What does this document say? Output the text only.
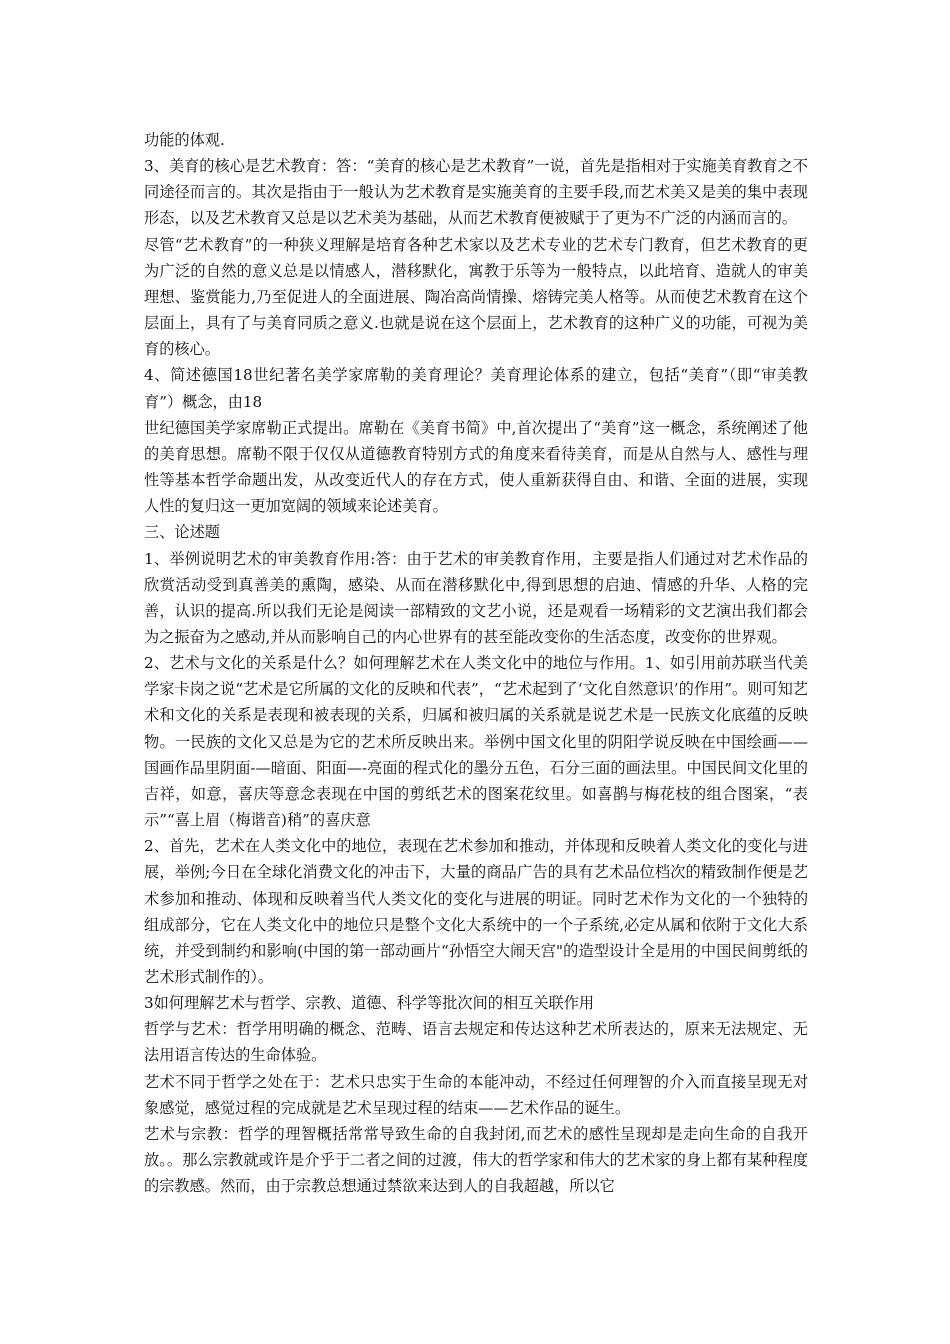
功能的体观.

3、美育的核心是艺术教育：答：“美育的核心是艺术教育”一说，首先是指相对于实施美育教育之不同途径而言的。其次是指由于一般认为艺术教育是实施美育的主要手段,而艺术美又是美的集中表现形态，以及艺术教育又总是以艺术美为基础，从而艺术教育便被赋于了更为不广泛的内涵而言的。

尽管“艺术教育”的一种狭义理解是培育各种艺术家以及艺术专业的艺术专门教育，但艺术教育的更为广泛的自然的意义总是以情感人，潜移默化，寓教于乐等为一般特点，以此培育、造就人的审美理想、鉴赏能力,乃至促进人的全面进展、陶冶高尚情操、熔铸完美人格等。从而使艺术教育在这个层面上，具有了与美育同质之意义.也就是说在这个层面上，艺术教育的这种广义的功能，可视为美育的核心。

4、简述德国18世纪著名美学家席勒的美育理论？美育理论体系的建立，包括“美育”（即“审美教育”）概念，由18

世纪德国美学家席勒正式提出。席勒在《美育书简》中,首次提出了“美育”这一概念，系统阐述了他的美育思想。席勒不限于仅仅从道德教育特别方式的角度来看待美育，而是从自然与人、感性与理性等基本哲学命题出发，从改变近代人的存在方式，使人重新获得自由、和谐、全面的进展，实现人性的复归这一更加宽阔的领域来论述美育。

三、论述题

1、举例说明艺术的审美教育作用:答：由于艺术的审美教育作用，主要是指人们通过对艺术作品的欣赏活动受到真善美的熏陶，感染、从而在潜移默化中,得到思想的启迪、情感的升华、人格的完善，认识的提高.所以我们无论是阅读一部精致的文艺小说，还是观看一场精彩的文艺演出我们都会为之振奋为之感动,并从而影响自己的内心世界有的甚至能改变你的生活态度，改变你的世界观。

2、艺术与文化的关系是什么？如何理解艺术在人类文化中的地位与作用。1、如引用前苏联当代美学家卡岗之说“艺术是它所属的文化的反映和代表”，“艺术起到了‘文化自然意识’的作用”。则可知艺术和文化的关系是表现和被表现的关系，归属和被归属的关系就是说艺术是一民族文化底蕴的反映物。一民族的文化又总是为它的艺术所反映出来。举例中国文化里的阴阳学说反映在中国绘画——国画作品里阴面-—暗面、阳面—-亮面的程式化的墨分五色，石分三面的画法里。中国民间文化里的吉祥，如意，喜庆等意念表现在中国的剪纸艺术的图案花纹里。如喜鹊与梅花枝的组合图案，“表示”“喜上眉（梅谐音)稍”的喜庆意

2、首先，艺术在人类文化中的地位，表现在艺术参加和推动，并体现和反映着人类文化的变化与进展，举例;今日在全球化消费文化的冲击下，大量的商品广告的具有艺术品位档次的精致制作便是艺术参加和推动、体现和反映着当代人类文化的变化与进展的明证。同时艺术作为文化的一个独特的组成部分，它在人类文化中的地位只是整个文化大系统中的一个子系统,必定从属和依附于文化大系统，并受到制约和影响(中国的第一部动画片“孙悟空大闹天宫"的造型设计全是用的中国民间剪纸的艺术形式制作的）。

3如何理解艺术与哲学、宗教、道德、科学等批次间的相互关联作用

哲学与艺术：哲学用明确的概念、范畴、语言去规定和传达这种艺术所表达的，原来无法规定、无法用语言传达的生命体验。

艺术不同于哲学之处在于：艺术只忠实于生命的本能冲动，不经过任何理智的介入而直接呈现无对象感觉，感觉过程的完成就是艺术呈现过程的结束——艺术作品的诞生。

艺术与宗教：哲学的理智概括常常导致生命的自我封闭,而艺术的感性呈现却是走向生命的自我开放。。那么宗教就或许是介乎于二者之间的过渡，伟大的哲学家和伟大的艺术家的身上都有某种程度的宗教感。然而，由于宗教总想通过禁欲来达到人的自我超越，所以它
